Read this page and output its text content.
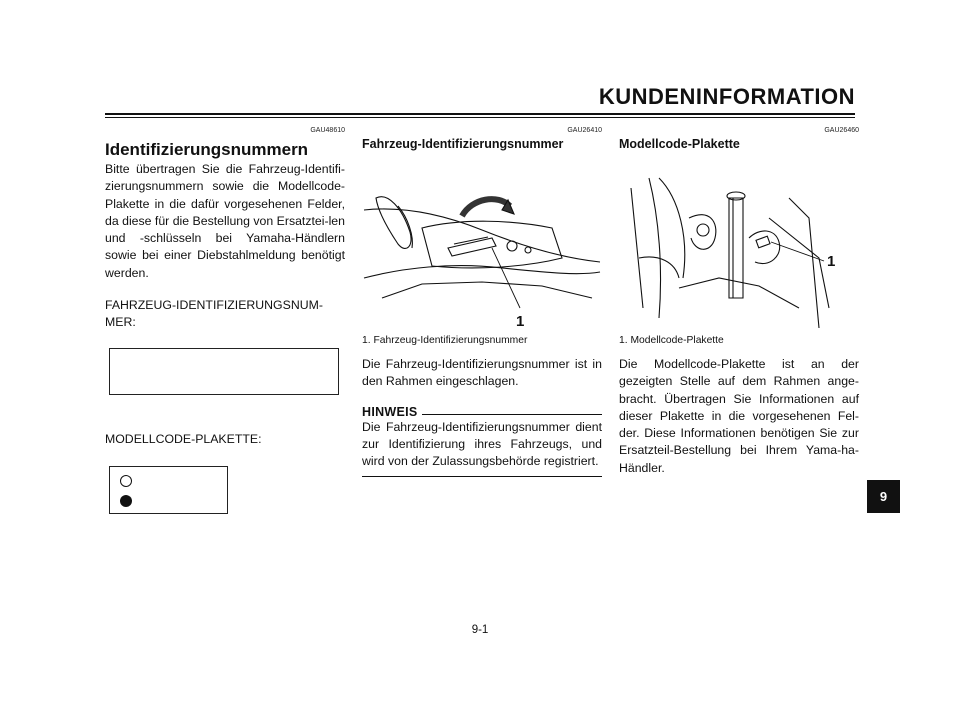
KUNDENINFORMATION
GAU48610
Identifizierungsnummern

Bitte übertragen Sie die Fahrzeug-Identifi-zierungsnummern sowie die Modellcode-Plakette in die dafür vorgesehenen Felder, da diese für die Bestellung von Ersatztei-len und -schlüsseln bei Yamaha-Händlern sowie bei einer Diebstahlmeldung benötigt werden.

FAHRZEUG-IDENTIFIZIERUNGSNUM-MER:
MODELLCODE-PLAKETTE:
GAU26410
Fahrzeug-Identifizierungsnummer
1
1. Fahrzeug-Identifizierungsnummer

Die Fahrzeug-Identifizierungsnummer ist in den Rahmen eingeschlagen.

HINWEIS

Die Fahrzeug-Identifizierungsnummer dient zur Identifizierung ihres Fahrzeugs, und wird von der Zulassungsbehörde registriert.

GAU26460
Modellcode-Plakette
1
1. Modellcode-Plakette

Die Modellcode-Plakette ist an der gezeigten Stelle auf dem Rahmen ange-bracht. Übertragen Sie Informationen auf dieser Plakette in die vorgesehenen Fel-der. Diese Informationen benötigen Sie zur Ersatzteil-Bestellung bei Ihrem Yama-ha-Händler.

9
9-1
